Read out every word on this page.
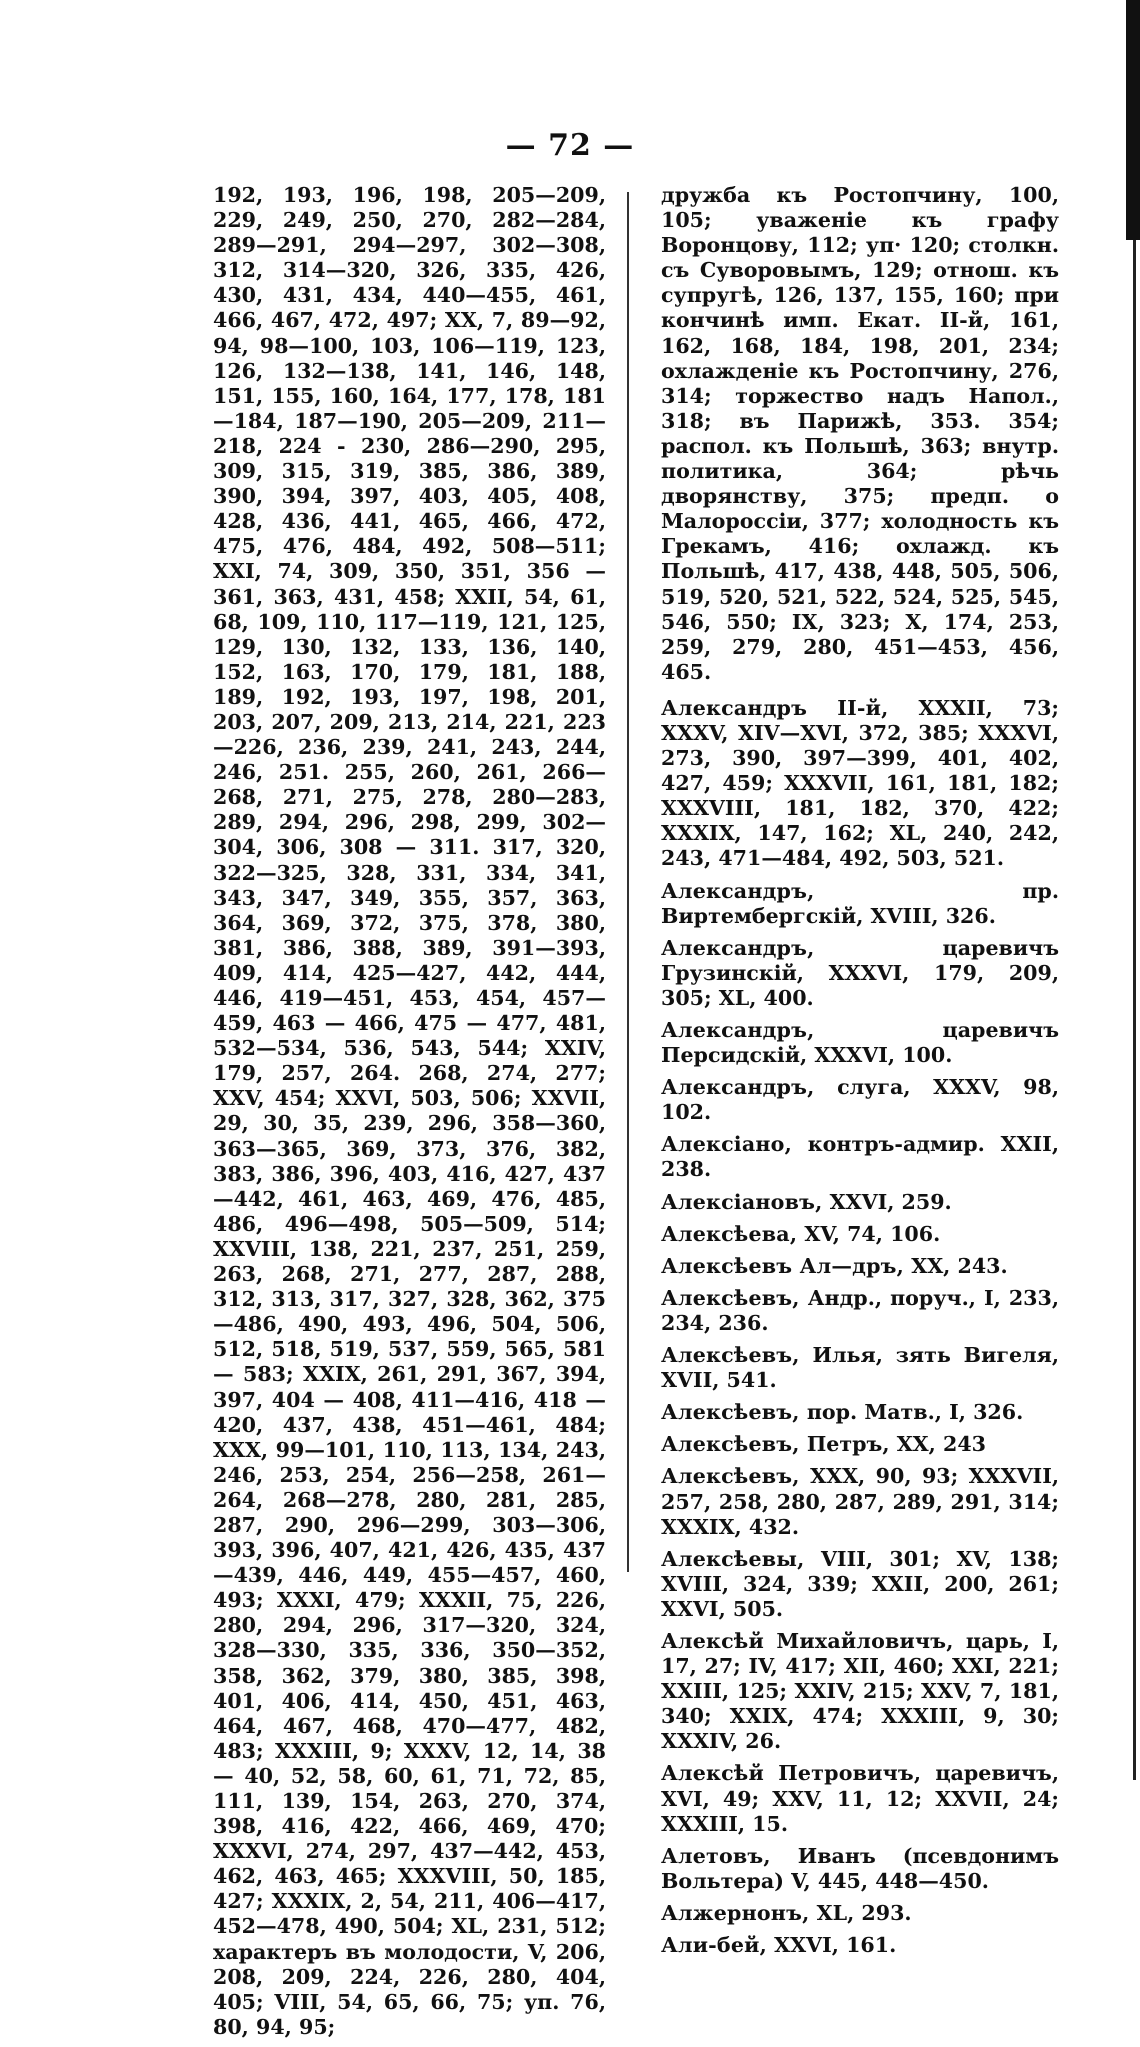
— 72 —
192, 193, 196, 198, 205—209, 229, 249, 250, 270, 282—284, 289—291, 294—297, 302—308, 312, 314—320, 326, 335, 426, 430, 431, 434, 440—455, 461, 466, 467, 472, 497; XX, 7, 89—92, 94, 98—100, 103, 106—119, 123, 126, 132—138, 141, 146, 148, 151, 155, 160, 164, 177, 178, 181—184, 187—190, 205—209, 211—218, 224 - 230, 286—290, 295, 309, 315, 319, 385, 386, 389, 390, 394, 397, 403, 405, 408, 428, 436, 441, 465, 466, 472, 475, 476, 484, 492, 508—511; XXI, 74, 309, 350, 351, 356 — 361, 363, 431, 458; XXII, 54, 61, 68, 109, 110, 117—119, 121, 125, 129, 130, 132, 133, 136, 140, 152, 163, 170, 179, 181, 188, 189, 192, 193, 197, 198, 201, 203, 207, 209, 213, 214, 221, 223—226, 236, 239, 241, 243, 244, 246, 251. 255, 260, 261, 266—268, 271, 275, 278, 280—283, 289, 294, 296, 298, 299, 302—304, 306, 308 — 311. 317, 320, 322—325, 328, 331, 334, 341, 343, 347, 349, 355, 357, 363, 364, 369, 372, 375, 378, 380, 381, 386, 388, 389, 391—393, 409, 414, 425—427, 442, 444, 446, 419—451, 453, 454, 457—459, 463 — 466, 475 — 477, 481, 532—534, 536, 543, 544; XXIV, 179, 257, 264. 268, 274, 277; XXV, 454; XXVI, 503, 506; XXVII, 29, 30, 35, 239, 296, 358—360, 363—365, 369, 373, 376, 382, 383, 386, 396, 403, 416, 427, 437—442, 461, 463, 469, 476, 485, 486, 496—498, 505—509, 514; XXVIII, 138, 221, 237, 251, 259, 263, 268, 271, 277, 287, 288, 312, 313, 317, 327, 328, 362, 375—486, 490, 493, 496, 504, 506, 512, 518, 519, 537, 559, 565, 581 — 583; XXIX, 261, 291, 367, 394, 397, 404 — 408, 411—416, 418 — 420, 437, 438, 451—461, 484; XXX, 99—101, 110, 113, 134, 243, 246, 253, 254, 256—258, 261—264, 268—278, 280, 281, 285, 287, 290, 296—299, 303—306, 393, 396, 407, 421, 426, 435, 437—439, 446, 449, 455—457, 460, 493; XXXI, 479; XXXII, 75, 226, 280, 294, 296, 317—320, 324, 328—330, 335, 336, 350—352, 358, 362, 379, 380, 385, 398, 401, 406, 414, 450, 451, 463, 464, 467, 468, 470—477, 482, 483; XXXIII, 9; XXXV, 12, 14, 38 — 40, 52, 58, 60, 61, 71, 72, 85, 111, 139, 154, 263, 270, 374, 398, 416, 422, 466, 469, 470; XXXVI, 274, 297, 437—442, 453, 462, 463, 465; XXXVIII, 50, 185, 427; XXXIX, 2, 54, 211, 406—417, 452—478, 490, 504; XL, 231, 512; характеръ въ молодости, V, 206, 208, 209, 224, 226, 280, 404, 405; VIII, 54, 65, 66, 75; уп. 76, 80, 94, 95;
дружба къ Ростопчину, 100, 105; уваженіе къ графу Воронцову, 112; уп· 120; столкн. съ Суворовымъ, 129; отнош. къ супругѣ, 126, 137, 155, 160; при кончинѣ имп. Екат. II-й, 161, 162, 168, 184, 198, 201, 234; охлажденіе къ Ростопчину, 276, 314; торжество надъ Напол., 318; въ Парижѣ, 353. 354; распол. къ Польшѣ, 363; внутр. политика, 364; рѣчь дворянству, 375; предп. о Малороссіи, 377; холодность къ Грекамъ, 416; охлажд. къ Польшѣ, 417, 438, 448, 505, 506, 519, 520, 521, 522, 524, 525, 545, 546, 550; IX, 323; X, 174, 253, 259, 279, 280, 451—453, 456, 465.
Александръ II-й, XXXII, 73; XXXV, XIV—XVI, 372, 385; XXXVI, 273, 390, 397—399, 401, 402, 427, 459; XXXVII, 161, 181, 182; XXXVIII, 181, 182, 370, 422; XXXIX, 147, 162; XL, 240, 242, 243, 471—484, 492, 503, 521.
Александръ,	пр. Виртембергскій, XVIII, 326.
Александръ,	царевичъ Грузинскій, XXXVI, 179, 209, 305; XL, 400.
Александръ,	царевичъ Персидскій, XXXVI, 100.
Александръ, слуга, XXXV, 98, 102.
Алексіано, контръ-адмир. XXII, 238.
Алексіановъ, XXVI, 259.
Алексѣева, XV, 74, 106.
Алексѣевъ Ал—дръ, XX, 243.
Алексѣевъ, Андр., поруч., I, 233, 234, 236.
Алексѣевъ, Илья, зять Вигеля, XVII, 541.
Алексѣевъ, пор. Матв., I, 326.
Алексѣевъ, Петръ, XX, 243
Алексѣевъ, XXX, 90, 93; XXXVII, 257, 258, 280, 287, 289, 291, 314; XXXIX, 432.
Алексѣевы, VIII, 301; XV, 138; XVIII, 324, 339; XXII, 200, 261; XXVI, 505.
Алексѣй Михайловичъ, царь, I, 17, 27; IV, 417; XII, 460; XXI, 221; XXIII, 125; XXIV, 215; XXV, 7, 181, 340; XXIX, 474; XXXIII, 9, 30; XXXIV, 26.
Алексѣй Петровичъ, царевичъ, XVI, 49; XXV, 11, 12; XXVII, 24; XXXIII, 15.
Алетовъ, Иванъ (псевдонимъ Вольтера) V, 445, 448—450.
Алжернонъ, XL, 293.
Али-бей, XXVI, 161.
